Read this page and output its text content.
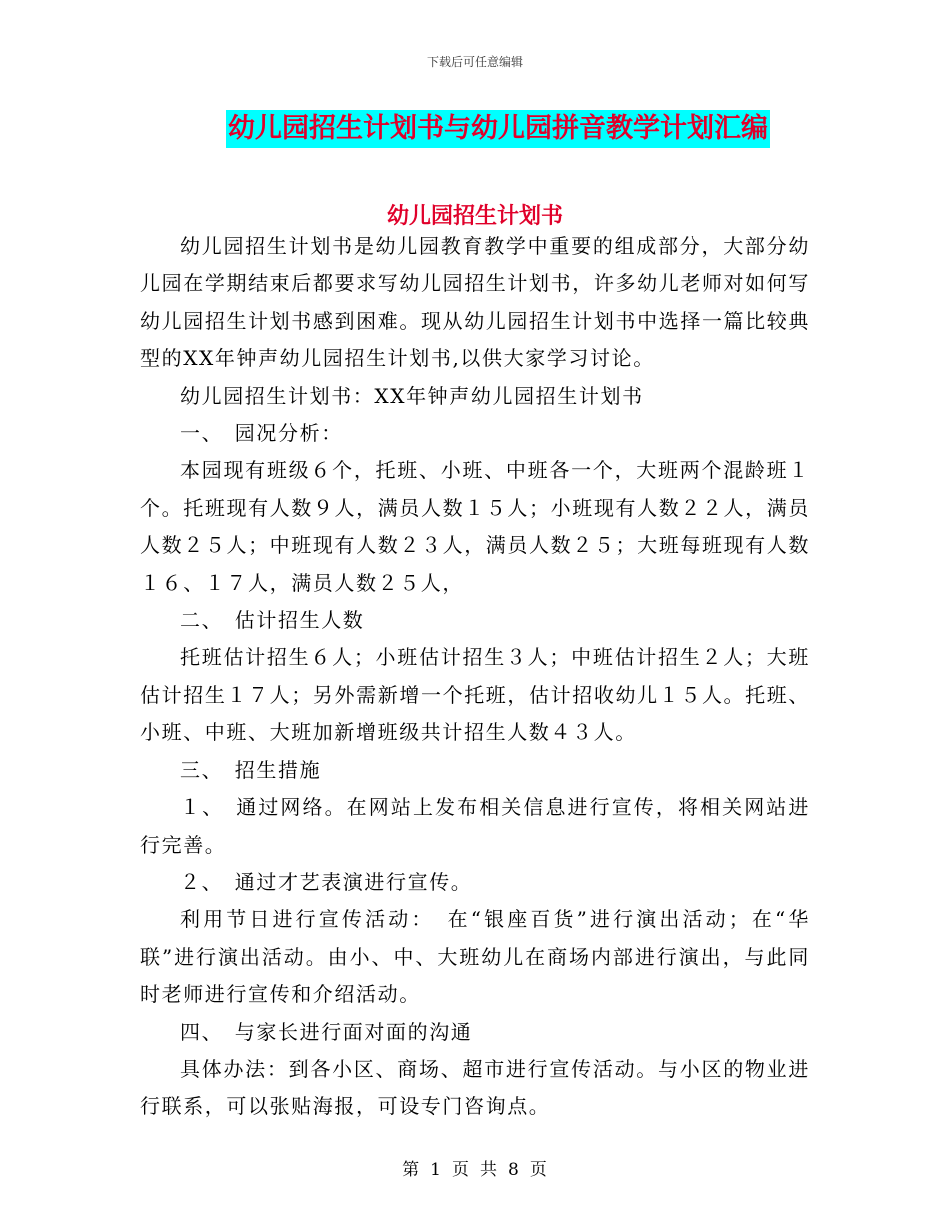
下载后可任意编辑
幼儿园招生计划书与幼儿园拼音教学计划汇编
幼儿园招生计划书

幼儿园招生计划书是幼儿园教育教学中重要的组成部分，大部分幼儿园在学期结束后都要求写幼儿园招生计划书，许多幼儿老师对如何写幼儿园招生计划书感到困难。现从幼儿园招生计划书中选择一篇比较典型的XX年钟声幼儿园招生计划书,以供大家学习讨论。

幼儿园招生计划书：XX年钟声幼儿园招生计划书

一、　园况分析：

本园现有班级６个，托班、小班、中班各一个，大班两个混龄班１个。托班现有人数９人，满员人数１５人；小班现有人数２２人，满员人数２５人；中班现有人数２３人，满员人数２５；大班每班现有人数１６、１７人，满员人数２５人，

二、　估计招生人数

托班估计招生６人；小班估计招生３人；中班估计招生２人；大班估计招生１７人；另外需新增一个托班，估计招收幼儿１５人。托班、小班、中班、大班加新增班级共计招生人数４３人。

三、　招生措施

１、　通过网络。在网站上发布相关信息进行宣传，将相关网站进行完善。

２、　通过才艺表演进行宣传。

利用节日进行宣传活动：　在“银座百货”进行演出活动；在“华联”进行演出活动。由小、中、大班幼儿在商场内部进行演出，与此同时老师进行宣传和介绍活动。

四、　与家长进行面对面的沟通

具体办法：到各小区、商场、超市进行宣传活动。与小区的物业进行联系，可以张贴海报，可设专门咨询点。

第 1 页 共 8 页
